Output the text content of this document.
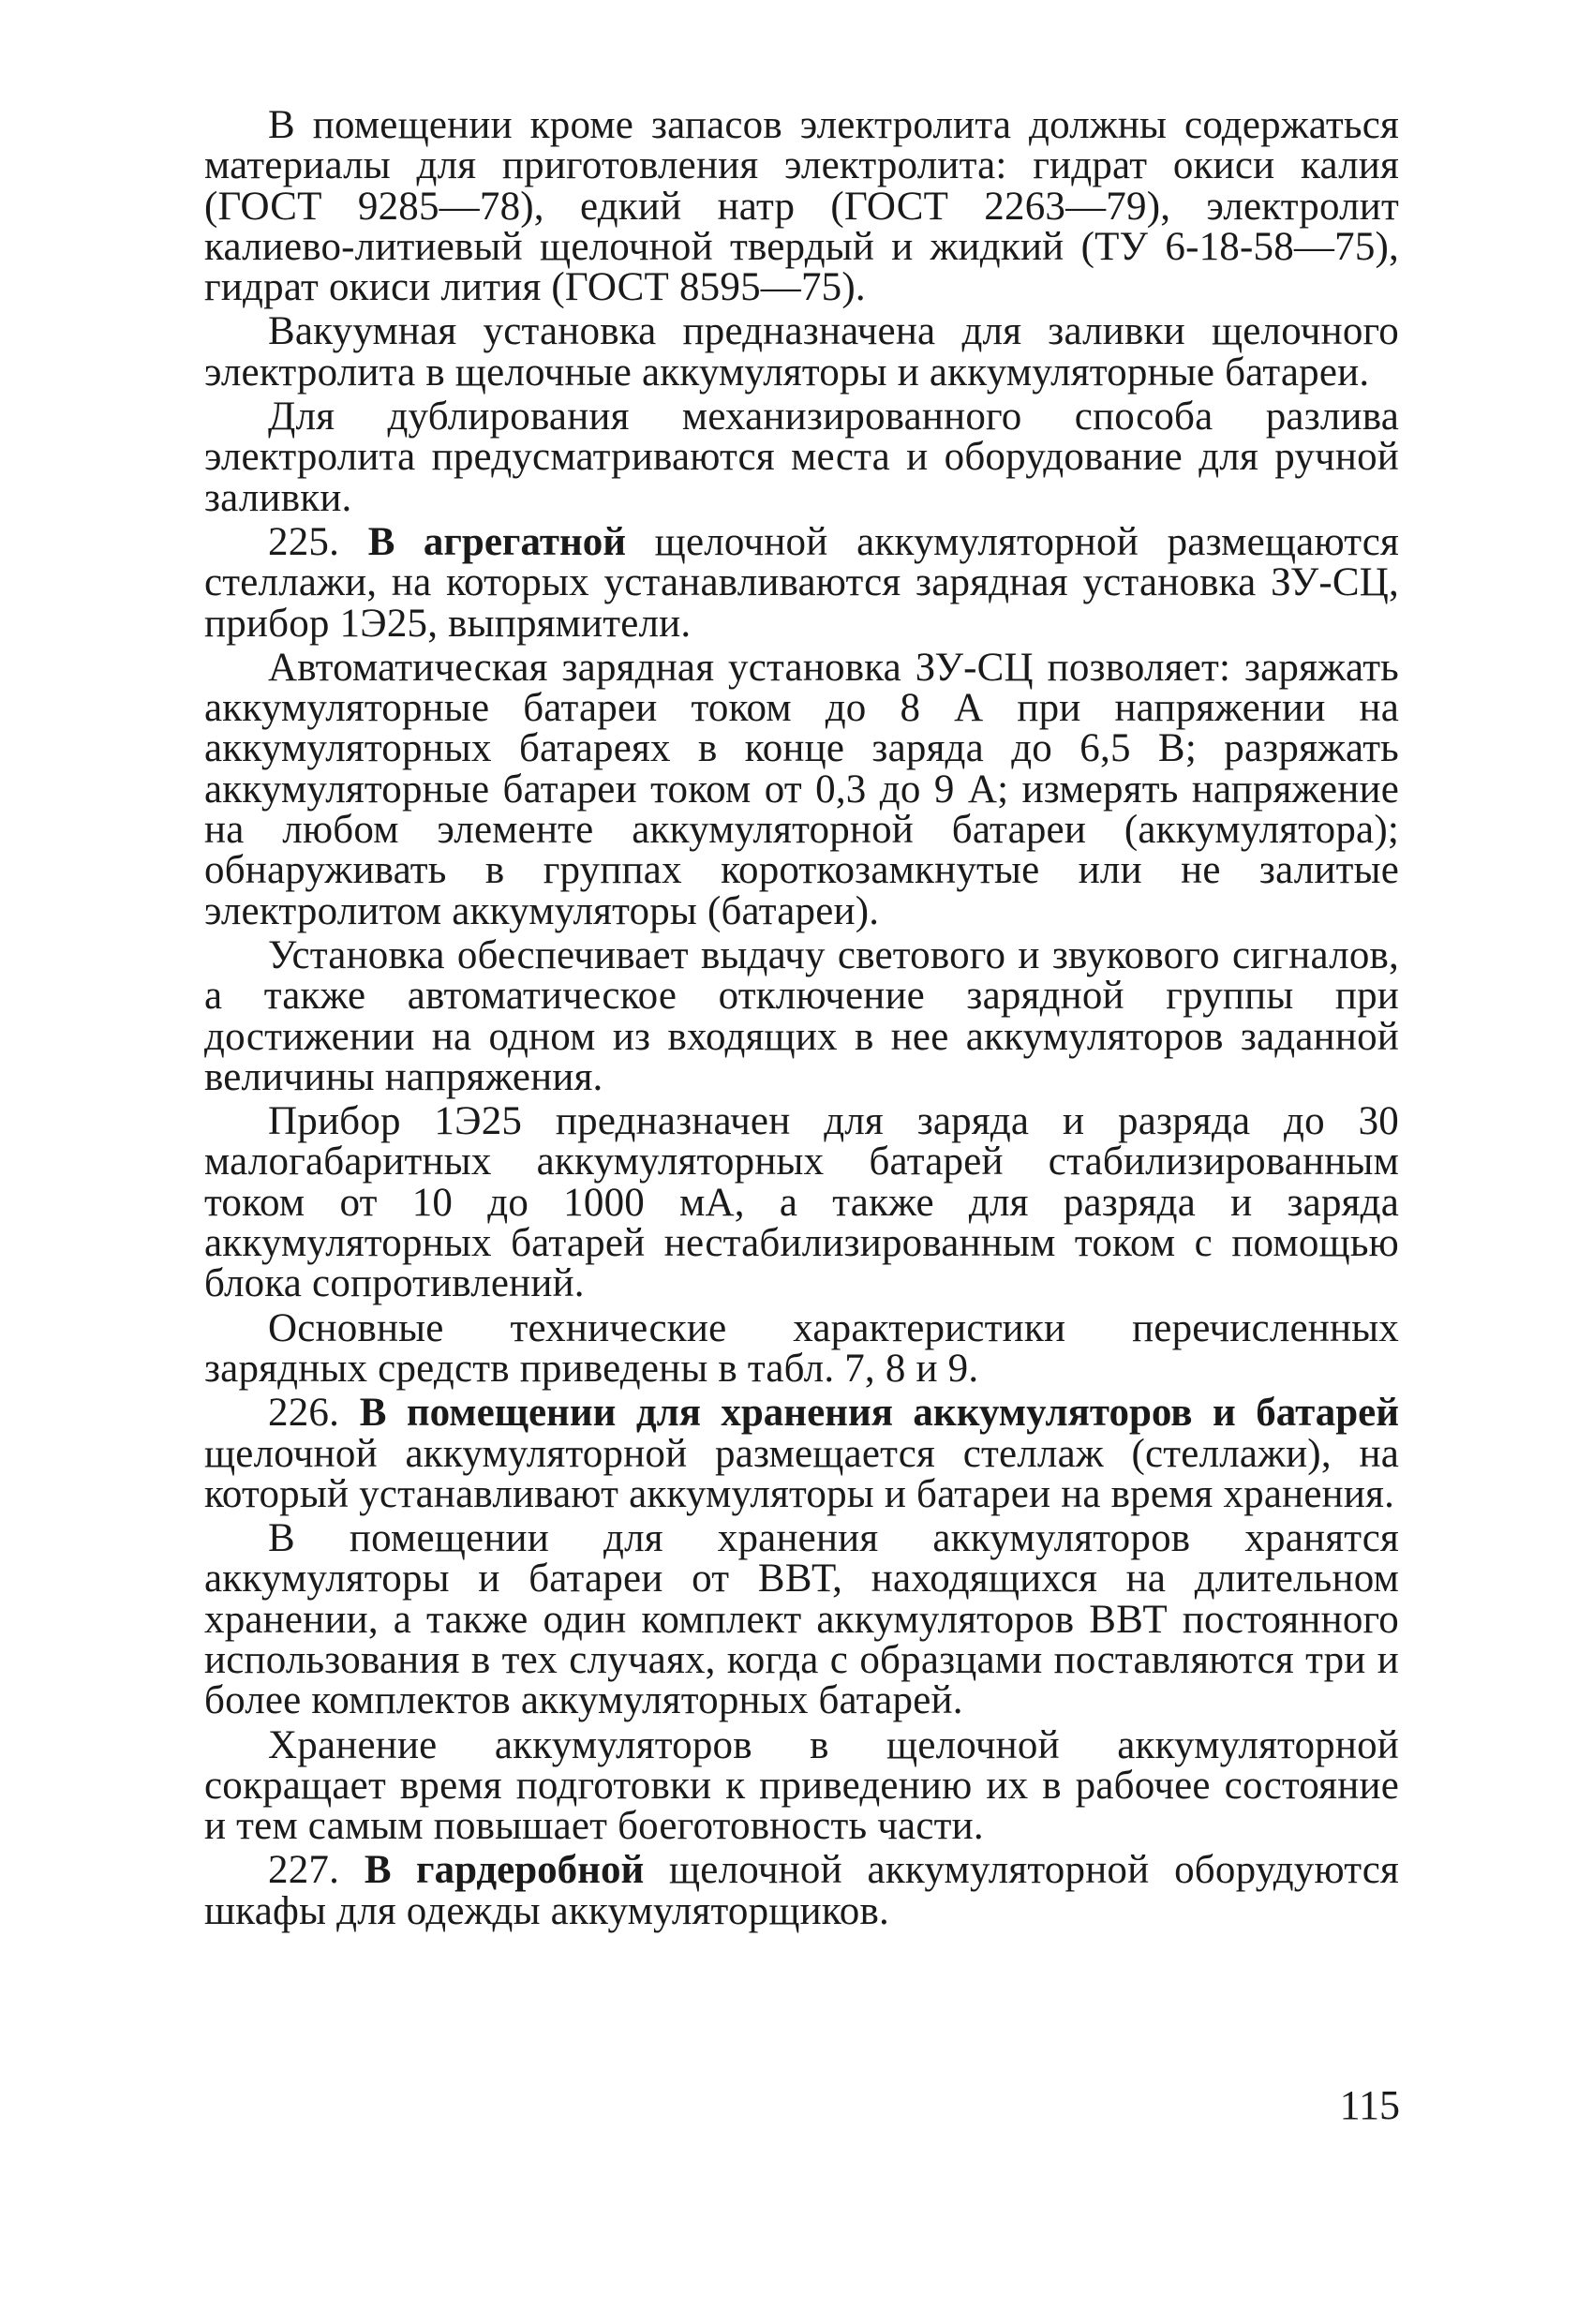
В помещении кроме запасов электролита должны содержаться материалы для приготовления электролита: гидрат окиси калия (ГОСТ 9285—78), едкий натр (ГОСТ 2263—79), электролит калиево-литиевый щелочной твердый и жидкий (ТУ 6-18-58—75), гидрат окиси лития (ГОСТ 8595—75).

Вакуумная установка предназначена для заливки щелочного электролита в щелочные аккумуляторы и аккумуляторные батареи.

Для дублирования механизированного способа разлива электролита предусматриваются места и оборудование для ручной заливки.

225. В агрегатной щелочной аккумуляторной размещаются стеллажи, на которых устанавливаются зарядная установка ЗУ-СЦ, прибор 1Э25, выпрямители.

Автоматическая зарядная установка ЗУ-СЦ позволяет: заряжать аккумуляторные батареи током до 8 А при напряжении на аккумуляторных батареях в конце заряда до 6,5 В; разряжать аккумуляторные батареи током от 0,3 до 9 А; измерять напряжение на любом элементе аккумуляторной батареи (аккумулятора); обнаруживать в группах короткозамкнутые или не залитые электролитом аккумуляторы (батареи).

Установка обеспечивает выдачу светового и звукового сигналов, а также автоматическое отключение зарядной группы при достижении на одном из входящих в нее аккумуляторов заданной величины напряжения.

Прибор 1Э25 предназначен для заряда и разряда до 30 малогабаритных аккумуляторных батарей стабилизированным током от 10 до 1000 мА, а также для разряда и заряда аккумуляторных батарей нестабилизированным током с помощью блока сопротивлений.

Основные технические характеристики перечисленных зарядных средств приведены в табл. 7, 8 и 9.

226. В помещении для хранения аккумуляторов и батарей щелочной аккумуляторной размещается стеллаж (стеллажи), на который устанавливают аккумуляторы и батареи на время хранения.

В помещении для хранения аккумуляторов хранятся аккумуляторы и батареи от ВВТ, находящихся на длительном хранении, а также один комплект аккумуляторов ВВТ постоянного использования в тех случаях, когда с образцами поставляются три и более комплектов аккумуляторных батарей.

Хранение аккумуляторов в щелочной аккумуляторной сокращает время подготовки к приведению их в рабочее состояние и тем самым повышает боеготовность части.

227. В гардеробной щелочной аккумуляторной оборудуются шкафы для одежды аккумуляторщиков.

115
